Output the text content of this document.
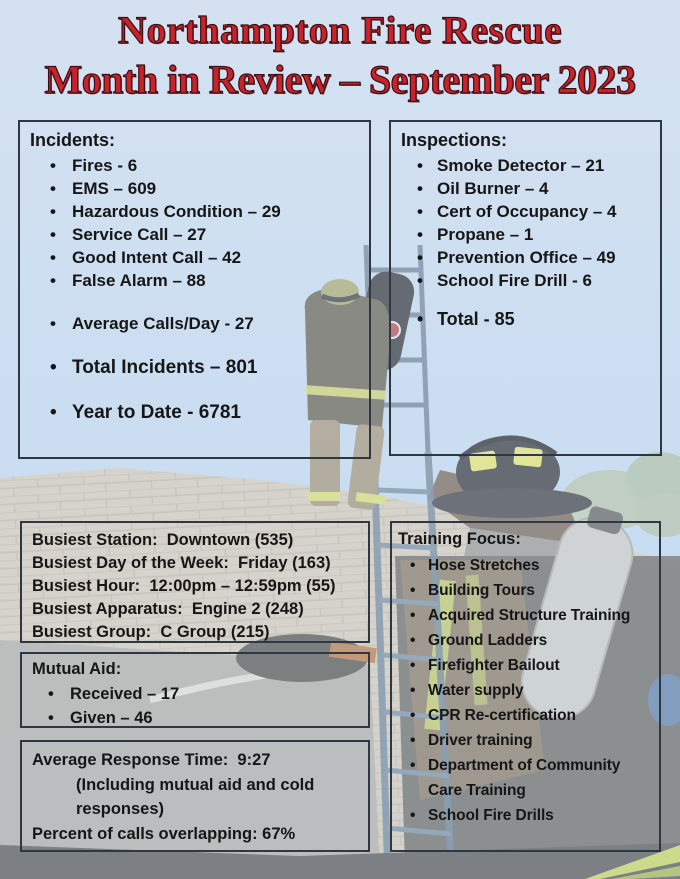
Northampton Fire Rescue
Month in Review – September 2023
Incidents:
• Fires - 6
• EMS – 609
• Hazardous Condition – 29
• Service Call – 27
• Good Intent Call – 42
• False Alarm – 88
• Average Calls/Day - 27
• Total Incidents – 801
• Year to Date - 6781
Inspections:
• Smoke Detector – 21
• Oil Burner – 4
• Cert of Occupancy – 4
• Propane – 1
• Prevention Office – 49
• School Fire Drill - 6
• Total - 85
Busiest Station:  Downtown (535)
Busiest Day of the Week:  Friday (163)
Busiest Hour:  12:00pm – 12:59pm (55)
Busiest Apparatus:  Engine 2 (248)
Busiest Group:  C Group (215)
Training Focus:
• Hose Stretches
• Building Tours
• Acquired Structure Training
• Ground Ladders
• Firefighter Bailout
• Water supply
• CPR Re-certification
• Driver training
• Department of Community Care Training
• School Fire Drills
Mutual Aid:
• Received – 17
• Given – 46
Average Response Time:  9:27
(Including mutual aid and cold
responses)
Percent of calls overlapping: 67%
